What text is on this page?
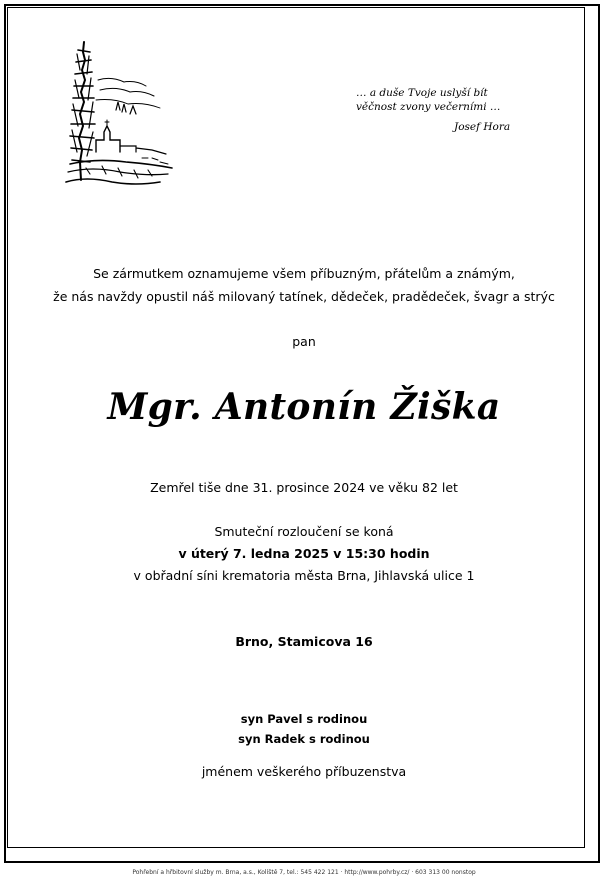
… a duše Tvoje uslyší bít
věčnost zvony večerními …
Josef Hora
Se zármutkem oznamujeme všem příbuzným, přátelům a známým,
že nás navždy opustil náš milovaný tatínek, dědeček, pradědeček, švagr a strýc
pan
Mgr. Antonín Žiška
Zemřel tiše dne 31. prosince 2024 ve věku 82 let
Smuteční rozloučení se koná
v úterý 7. ledna 2025 v 15:30 hodin
v obřadní síni krematoria města Brna, Jihlavská ulice 1
Brno, Stamicova 16
syn Pavel s rodinou
syn Radek s rodinou
jménem veškerého příbuzenstva
Pohřební a hřbitovní služby m. Brna, a.s., Kolíště 7, tel.: 545 422 121 · http://www.pohrby.cz/ · 603 313 00 nonstop
